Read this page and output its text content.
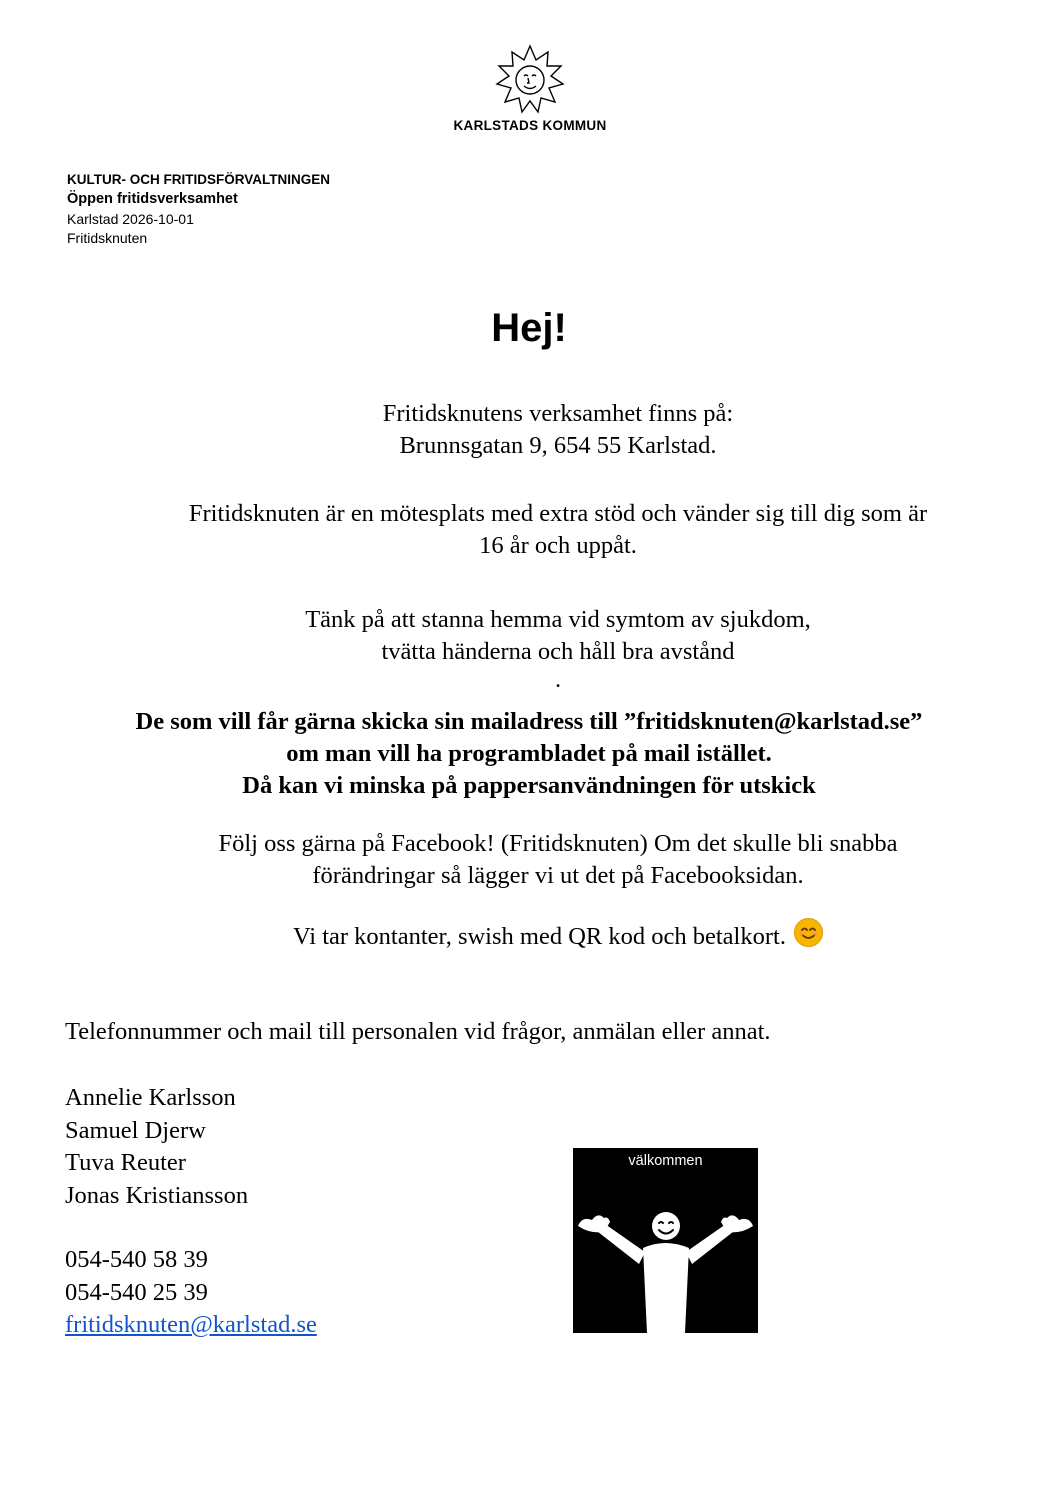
KARLSTADS KOMMUN
KULTUR- OCH FRITIDSFÖRVALTNINGEN
Öppen fritidsverksamhet
Karlstad 2026-10-01
Fritidsknuten
Hej!
Fritidsknutens verksamhet finns på:
Brunnsgatan 9, 654 55 Karlstad.
Fritidsknuten är en mötesplats med extra stöd och vänder sig till dig som är
16 år och uppåt.
Tänk på att stanna hemma vid symtom av sjukdom,
tvätta händerna och håll bra avstånd
.
De som vill får gärna skicka sin mailadress till ”fritidsknuten@karlstad.se”
om man vill ha programbladet på mail istället.
Då kan vi minska på pappersanvändningen för utskick
Följ oss gärna på Facebook! (Fritidsknuten) Om det skulle bli snabba
förändringar så lägger vi ut det på Facebooksidan.
Vi tar kontanter, swish med QR kod och betalkort.
Telefonnummer och mail till personalen vid frågor, anmälan eller annat.
Annelie Karlsson
Samuel Djerw
Tuva Reuter
Jonas Kristiansson
054-540 58 39
054-540 25 39
fritidsknuten@karlstad.se
välkommen
